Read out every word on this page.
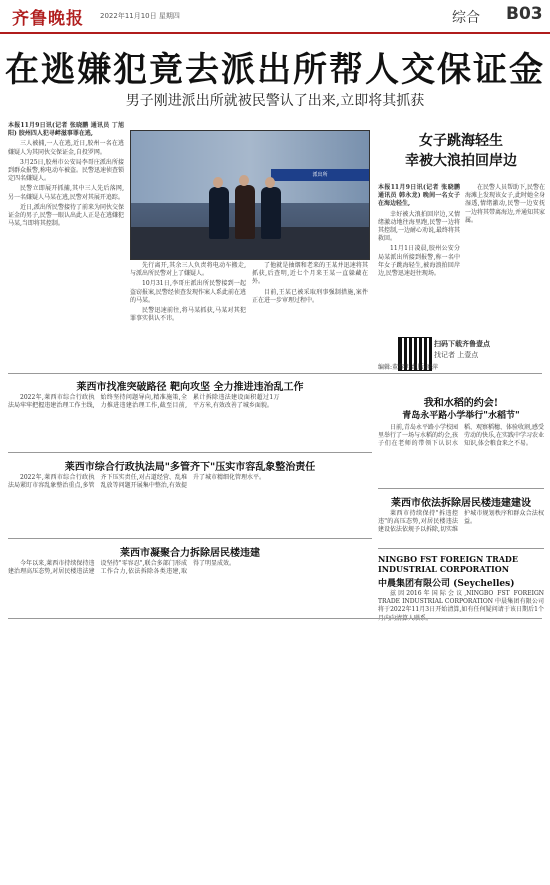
齐鲁晚报 2022年11月10日 星期四	综合 B03
在逃嫌犯竟去派出所帮人交保证金
男子刚进派出所就被民警认了出来,立即将其抓获

本报11月9日讯(记者 张晓鹏 通讯员 丁旭阳) 胶州四人犯寻衅滋事罪在逃,

三人被捕,一人在逃,近日,胶州一名在逃嫌疑人为其同伙交保证金,自投罗网。

3月25日,胶州市公安局李哥庄派出所接到群众报警,称电动车被盗。民警迅速侦查锁定四名嫌疑人。

民警立即展开抓捕,其中三人先后落网,另一名嫌疑人马某在逃,民警对其展开追踪。

近日,派出所民警接待了前来为同伙交保证金的男子,民警一眼认出此人正是在逃嫌犯马某,当即将其控制。

派出所

先行离开,其余三人负责将电动车搬走,与派出所民警对上了嫌疑人。

10月31日,李哥庄派出所民警接到一起盗窃报案,民警经侦查发现作案人系此前在逃的马某。

民警迅速前往,将马某抓获,马某对其犯罪事实供认不讳。

了他就是抽烟和老来的王某并迅速将其抓获,后查明,近七个月来王某一直躲藏在外。

目前,王某已被采取刑事强制措施,案件正在进一步审理过程中。

女子跳海轻生
幸被大浪拍回岸边

本报11月9日讯(记者 张晓鹏 通讯员 韩永龙) 晚间一名女子在海边轻生,

幸好被大浪拍回岸边,又情绪激动地往海里跑,民警一边将其控制,一边耐心劝说,最终将其救回。

11月1日凌晨,胶州公安分局某派出所接到报警,称一名中年女子跳海轻生,被海浪拍回岸边,民警迅速赶往现场。

在民警人员帮助下,民警在海滩上发现该女子,此时她全身湿透,情绪激动,民警一边安抚一边将其带离海边,并通知其家属。

扫码下载齐鲁壹点
找记者 上壹点
编辑:董黎明 组版:廖萍
莱西市找准突破路径 靶向攻坚 全力推进违治乱工作

2022年,莱西市综合行政执法局牢牢把握违建治理工作主线,始终坚持问题导向,精准施策,全力推进违建治理工作,截至目前,累计拆除违法建设面积超过1万平方米,有效改善了城乡面貌。	我和水稻的约会!
青岛永平路小学举行"水稻节"

日前,青岛永平路小学校园里举行了一场与水稻的约会,孩子们在老师的带领下认识水稻、观察稻穗、体验收割,感受劳动的快乐,在实践中学习农业知识,体会粮食来之不易。

莱西市综合行政执法局"多管齐下"压实市容乱象整治责任

2022年,莱西市综合行政执法局紧盯市容乱象整治重点,多管齐下压实责任,对占道经营、乱堆乱放等问题开展集中整治,有效提升了城市精细化管理水平。

莱西市依法拆除居民楼违建建设

莱西市持续保持"拆违控违"的高压态势,对居民楼违法建设依法依规予以拆除,切实维护城市规划秩序和群众合法权益。

莱西市凝聚合力拆除居民楼违建

今年以来,莱西市持续保持违建治理高压态势,对居民楼违法建设坚持"零容忍",联合多部门形成工作合力,依法拆除各类违建,取得了明显成效。	NINGBO FST FOREIGN TRADE INDUSTRIAL CORPORATION
中晨集团有限公司 (Seychelles)

兹因2016年国际会议,NINGBO FST FOREIGN TRADE INDUSTRIAL CORPORATION 中晨集团有限公司将于2022年11月3日开始清算,如有任何疑问请于该日期后1个
